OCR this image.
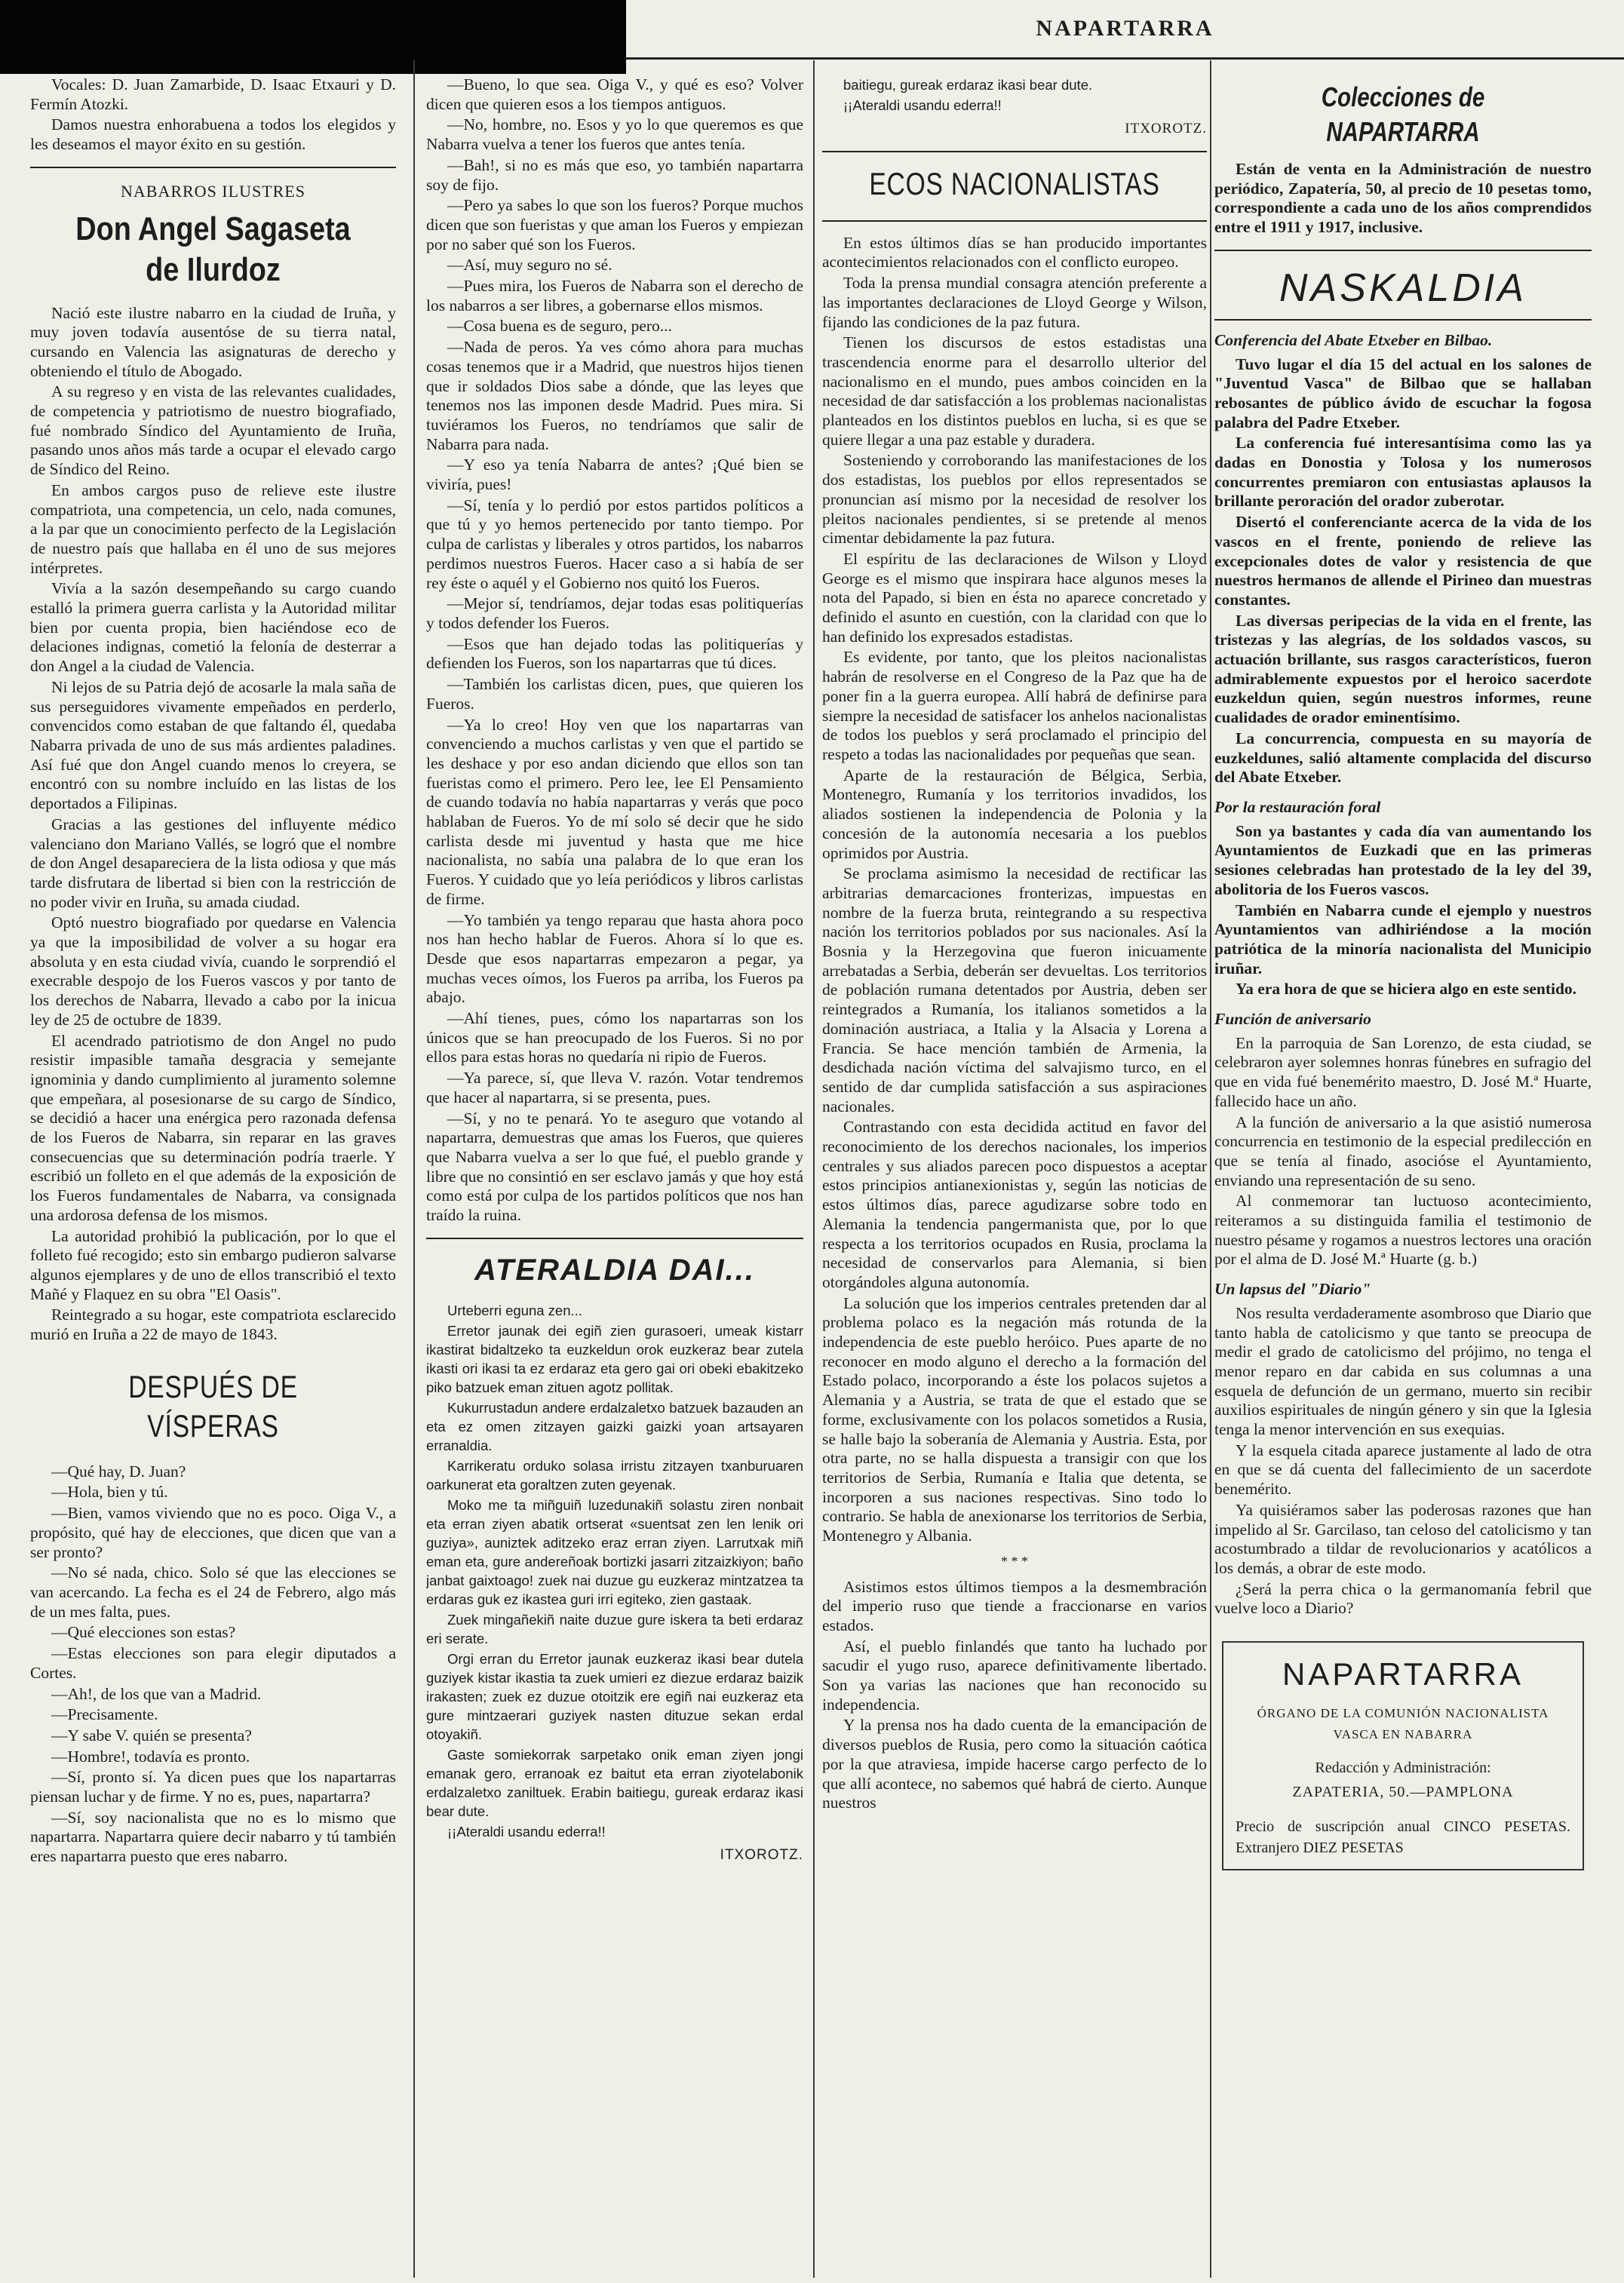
NAPARTARRA

Vocales: D. Juan Zamarbide, D. Isaac Etxauri y D. Fermín Atozki.

Damos nuestra enhorabuena a todos los elegidos y les deseamos el mayor éxito en su gestión.

NABARROS ILUSTRES
Don Angel Sagaseta de Ilurdoz

Nació este ilustre nabarro en la ciudad de Iruña, y muy joven todavía ausentóse de su tierra natal, cursando en Valencia las asignaturas de derecho y obteniendo el título de Abogado.

A su regreso y en vista de las relevantes cualidades, de competencia y patriotismo de nuestro biografiado, fué nombrado Síndico del Ayuntamiento de Iruña, pasando unos años más tarde a ocupar el elevado cargo de Síndico del Reino.

En ambos cargos puso de relieve este ilustre compatriota, una competencia, un celo, nada comunes, a la par que un conocimiento perfecto de la Legislación de nuestro país que hallaba en él uno de sus mejores intérpretes.

Vivía a la sazón desempeñando su cargo cuando estalló la primera guerra carlista y la Autoridad militar bien por cuenta propia, bien haciéndose eco de delaciones indignas, cometió la felonía de desterrar a don Angel a la ciudad de Valencia.

Ni lejos de su Patria dejó de acosarle la mala saña de sus perseguidores vivamente empeñados en perderlo, convencidos como estaban de que faltando él, quedaba Nabarra privada de uno de sus más ardientes paladines. Así fué que don Angel cuando menos lo creyera, se encontró con su nombre incluído en las listas de los deportados a Filipinas.

Gracias a las gestiones del influyente médico valenciano don Mariano Vallés, se logró que el nombre de don Angel desapareciera de la lista odiosa y que más tarde disfrutara de libertad si bien con la restricción de no poder vivir en Iruña, su amada ciudad.

Optó nuestro biografiado por quedarse en Valencia ya que la imposibilidad de volver a su hogar era absoluta y en esta ciudad vivía, cuando le sorprendió el execrable despojo de los Fueros vascos y por tanto de los derechos de Nabarra, llevado a cabo por la inicua ley de 25 de octubre de 1839.

El acendrado patriotismo de don Angel no pudo resistir impasible tamaña desgracia y semejante ignominia y dando cumplimiento al juramento solemne que empeñara, al posesionarse de su cargo de Síndico, se decidió a hacer una enérgica pero razonada defensa de los Fueros de Nabarra, sin reparar en las graves consecuencias que su determinación podría traerle. Y escribió un folleto en el que además de la exposición de los Fueros fundamentales de Nabarra, va consignada una ardorosa defensa de los mismos.

La autoridad prohibió la publicación, por lo que el folleto fué recogido; esto sin embargo pudieron salvarse algunos ejemplares y de uno de ellos transcribió el texto Mañé y Flaquez en su obra "El Oasis".

Reintegrado a su hogar, este compatriota esclarecido murió en Iruña a 22 de mayo de 1843.

DESPUÉS DE VÍSPERAS

—Qué hay, D. Juan?

—Hola, bien y tú.

—Bien, vamos viviendo que no es poco. Oiga V., a propósito, qué hay de elecciones, que dicen que van a ser pronto?

—No sé nada, chico. Solo sé que las elecciones se van acercando. La fecha es el 24 de Febrero, algo más de un mes falta, pues.

—Qué elecciones son estas?

—Estas elecciones son para elegir diputados a Cortes.

—Ah!, de los que van a Madrid.

—Precisamente.

—Y sabe V. quién se presenta?

—Hombre!, todavía es pronto.

—Sí, pronto sí. Ya dicen pues que los napartarras piensan luchar y de firme. Y no es, pues, napartarra?

—Sí, soy nacionalista que no es lo mismo que napartarra. Napartarra quiere decir nabarro y tú también eres napartarra puesto que eres nabarro.

—Bueno, lo que sea. Oiga V., y qué es eso? Volver dicen que quieren esos a los tiempos antiguos.

—No, hombre, no. Esos y yo lo que queremos es que Nabarra vuelva a tener los fueros que antes tenía.

—Bah!, si no es más que eso, yo también napartarra soy de fijo.

—Pero ya sabes lo que son los fueros? Porque muchos dicen que son fueristas y que aman los Fueros y empiezan por no saber qué son los Fueros.

—Así, muy seguro no sé.

—Pues mira, los Fueros de Nabarra son el derecho de los nabarros a ser libres, a gobernarse ellos mismos.

—Cosa buena es de seguro, pero...

—Nada de peros. Ya ves cómo ahora para muchas cosas tenemos que ir a Madrid, que nuestros hijos tienen que ir soldados Dios sabe a dónde, que las leyes que tenemos nos las imponen desde Madrid. Pues mira. Si tuviéramos los Fueros, no tendríamos que salir de Nabarra para nada.

—Y eso ya tenía Nabarra de antes? ¡Qué bien se viviría, pues!

—Sí, tenía y lo perdió por estos partidos políticos a que tú y yo hemos pertenecido por tanto tiempo. Por culpa de carlistas y liberales y otros partidos, los nabarros perdimos nuestros Fueros. Hacer caso a si había de ser rey éste o aquél y el Gobierno nos quitó los Fueros.

—Mejor sí, tendríamos, dejar todas esas politiquerías y todos defender los Fueros.

—Esos que han dejado todas las politiquerías y defienden los Fueros, son los napartarras que tú dices.

—También los carlistas dicen, pues, que quieren los Fueros.

—Ya lo creo! Hoy ven que los napartarras van convenciendo a muchos carlistas y ven que el partido se les deshace y por eso andan diciendo que ellos son tan fueristas como el primero. Pero lee, lee El Pensamiento de cuando todavía no había napartarras y verás que poco hablaban de Fueros. Yo de mí solo sé decir que he sido carlista desde mi juventud y hasta que me hice nacionalista, no sabía una palabra de lo que eran los Fueros. Y cuidado que yo leía periódicos y libros carlistas de firme.

—Yo también ya tengo reparau que hasta ahora poco nos han hecho hablar de Fueros. Ahora sí lo que es. Desde que esos napartarras empezaron a pegar, ya muchas veces oímos, los Fueros pa arriba, los Fueros pa abajo.

—Ahí tienes, pues, cómo los napartarras son los únicos que se han preocupado de los Fueros. Si no por ellos para estas horas no quedaría ni ripio de Fueros.

—Ya parece, sí, que lleva V. razón. Votar tendremos que hacer al napartarra, si se presenta, pues.

—Sí, y no te penará. Yo te aseguro que votando al napartarra, demuestras que amas los Fueros, que quieres que Nabarra vuelva a ser lo que fué, el pueblo grande y libre que no consintió en ser esclavo jamás y que hoy está como está por culpa de los partidos políticos que nos han traído la ruina.

ATERALDIA DAI...

Urteberri eguna zen...

Erretor jaunak dei egiñ zien gurasoeri, umeak kistarr ikastirat bidaltzeko ta euzkeldun orok euzkeraz bear zutela ikasti ori ikasi ta ez erdaraz eta gero gai ori obeki ebakitzeko piko batzuek eman zituen agotz pollitak.

Kukurrustadun andere erdalzaletxo batzuek bazauden an eta ez omen zitzayen gaizki gaizki yoan artsayaren erranaldia.

Karrikeratu orduko solasa irristu zitzayen txanburuaren oarkunerat eta goraltzen zuten geyenak.

Moko me ta miñguiñ luzedunakiñ solastu ziren nonbait eta erran ziyen abatik ortserat «suentsat zen len lenik ori guziya», auniztek aditzeko eraz erran ziyen. Larrutxak miñ eman eta, gure andereñoak bortizki jasarri zitzaizkiyon; baño janbat gaixtoago! zuek nai duzue gu euzkeraz mintzatzea ta erdaras guk ez ikastea guri irri egiteko, zien gastaak.

Zuek mingañekiñ naite duzue gure iskera ta beti erdaraz eri serate.

Orgi erran du Erretor jaunak euzkeraz ikasi bear dutela guziyek kistar ikastia ta zuek umieri ez diezue erdaraz baizik irakasten; zuek ez duzue otoitzik ere egiñ nai euzkeraz eta gure mintzaerari guziyek nasten dituzue sekan erdal otoyakiñ.

Gaste somiekorrak sarpetako onik eman ziyen jongi emanak gero, erranoak ez baitut eta erran ziyotelabonik erdalzaletxo zaniltuek. Erabin baitiegu, gureak erdaraz ikasi bear dute.

¡¡Ateraldi usandu ederra!!

ITXOROTZ.

baitiegu, gureak erdaraz ikasi bear dute.

¡¡Ateraldi usandu ederra!!

ITXOROTZ.
ECOS NACIONALISTAS

En estos últimos días se han producido importantes acontecimientos relacionados con el conflicto europeo.

Toda la prensa mundial consagra atención preferente a las importantes declaraciones de Lloyd George y Wilson, fijando las condiciones de la paz futura.

Tienen los discursos de estos estadistas una trascendencia enorme para el desarrollo ulterior del nacionalismo en el mundo, pues ambos coinciden en la necesidad de dar satisfacción a los problemas nacionalistas planteados en los distintos pueblos en lucha, si es que se quiere llegar a una paz estable y duradera.

Sosteniendo y corroborando las manifestaciones de los dos estadistas, los pueblos por ellos representados se pronuncian así mismo por la necesidad de resolver los pleitos nacionales pendientes, si se pretende al menos cimentar debidamente la paz futura.

El espíritu de las declaraciones de Wilson y Lloyd George es el mismo que inspirara hace algunos meses la nota del Papado, si bien en ésta no aparece concretado y definido el asunto en cuestión, con la claridad con que lo han definido los expresados estadistas.

Es evidente, por tanto, que los pleitos nacionalistas habrán de resolverse en el Congreso de la Paz que ha de poner fin a la guerra europea. Allí habrá de definirse para siempre la necesidad de satisfacer los anhelos nacionalistas de todos los pueblos y será proclamado el principio del respeto a todas las nacionalidades por pequeñas que sean.

Aparte de la restauración de Bélgica, Serbia, Montenegro, Rumanía y los territorios invadidos, los aliados sostienen la independencia de Polonia y la concesión de la autonomía necesaria a los pueblos oprimidos por Austria.

Se proclama asimismo la necesidad de rectificar las arbitrarias demarcaciones fronterizas, impuestas en nombre de la fuerza bruta, reintegrando a su respectiva nación los territorios poblados por sus nacionales. Así la Bosnia y la Herzegovina que fueron inicuamente arrebatadas a Serbia, deberán ser devueltas. Los territorios de población rumana detentados por Austria, deben ser reintegrados a Rumanía, los italianos sometidos a la dominación austriaca, a Italia y la Alsacia y Lorena a Francia. Se hace mención también de Armenia, la desdichada nación víctima del salvajismo turco, en el sentido de dar cumplida satisfacción a sus aspiraciones nacionales.

Contrastando con esta decidida actitud en favor del reconocimiento de los derechos nacionales, los imperios centrales y sus aliados parecen poco dispuestos a aceptar estos principios antianexionistas y, según las noticias de estos últimos días, parece agudizarse sobre todo en Alemania la tendencia pangermanista que, por lo que respecta a los territorios ocupados en Rusia, proclama la necesidad de conservarlos para Alemania, si bien otorgándoles alguna autonomía.

La solución que los imperios centrales pretenden dar al problema polaco es la negación más rotunda de la independencia de este pueblo heróico. Pues aparte de no reconocer en modo alguno el derecho a la formación del Estado polaco, incorporando a éste los polacos sujetos a Alemania y a Austria, se trata de que el estado que se forme, exclusivamente con los polacos sometidos a Rusia, se halle bajo la soberanía de Alemania y Austria. Esta, por otra parte, no se halla dispuesta a transigir con que los territorios de Serbia, Rumanía e Italia que detenta, se incorporen a sus naciones respectivas. Sino todo lo contrario. Se habla de anexionarse los territorios de Serbia, Montenegro y Albania.

* * *

Asistimos estos últimos tiempos a la desmembración del imperio ruso que tiende a fraccionarse en varios estados.

Así, el pueblo finlandés que tanto ha luchado por sacudir el yugo ruso, aparece definitivamente libertado. Son ya varias las naciones que han reconocido su independencia.

Y la prensa nos ha dado cuenta de la emancipación de diversos pueblos de Rusia, pero como la situación caótica por la que atraviesa, impide hacerse cargo perfecto de lo que allí acontece, no sabemos qué habrá de cierto. Aunque nuestros

Colecciones de NAPARTARRA

Están de venta en la Administración de nuestro periódico, Zapatería, 50, al precio de 10 pesetas tomo, correspondiente a cada uno de los años comprendidos entre el 1911 y 1917, inclusive.

NASKALDIA

Conferencia del Abate Etxeber en Bilbao.

Tuvo lugar el día 15 del actual en los salones de "Juventud Vasca" de Bilbao que se hallaban rebosantes de público ávido de escuchar la fogosa palabra del Padre Etxeber.

La conferencia fué interesantísima como las ya dadas en Donostia y Tolosa y los numerosos concurrentes premiaron con entusiastas aplausos la brillante peroración del orador zuberotar.

Disertó el conferenciante acerca de la vida de los vascos en el frente, poniendo de relieve las excepcionales dotes de valor y resistencia de que nuestros hermanos de allende el Pirineo dan muestras constantes.

Las diversas peripecias de la vida en el frente, las tristezas y las alegrías, de los soldados vascos, su actuación brillante, sus rasgos característicos, fueron admirablemente expuestos por el heroico sacerdote euzkeldun quien, según nuestros informes, reune cualidades de orador eminentísimo.

La concurrencia, compuesta en su mayoría de euzkeldunes, salió altamente complacida del discurso del Abate Etxeber.

Por la restauración foral

Son ya bastantes y cada día van aumentando los Ayuntamientos de Euzkadi que en las primeras sesiones celebradas han protestado de la ley del 39, abolitoria de los Fueros vascos.

También en Nabarra cunde el ejemplo y nuestros Ayuntamientos van adhiriéndose a la moción patriótica de la minoría nacionalista del Municipio iruñar.

Ya era hora de que se hiciera algo en este sentido.

Función de aniversario

En la parroquia de San Lorenzo, de esta ciudad, se celebraron ayer solemnes honras fúnebres en sufragio del que en vida fué benemérito maestro, D. José M.ª Huarte, fallecido hace un año.

A la función de aniversario a la que asistió numerosa concurrencia en testimonio de la especial predilección en que se tenía al finado, asocióse el Ayuntamiento, enviando una representación de su seno.

Al conmemorar tan luctuoso acontecimiento, reiteramos a su distinguida familia el testimonio de nuestro pésame y rogamos a nuestros lectores una oración por el alma de D. José M.ª Huarte (g. b.)

Un lapsus del "Diario"

Nos resulta verdaderamente asombroso que Diario que tanto habla de catolicismo y que tanto se preocupa de medir el grado de catolicismo del prójimo, no tenga el menor reparo en dar cabida en sus columnas a una esquela de defunción de un germano, muerto sin recibir auxilios espirituales de ningún género y sin que la Iglesia tenga la menor intervención en sus exequias.

Y la esquela citada aparece justamente al lado de otra en que se dá cuenta del fallecimiento de un sacerdote benemérito.

Ya quisiéramos saber las poderosas razones que han impelido al Sr. Garcilaso, tan celoso del catolicismo y tan acostumbrado a tildar de revolucionarios y acatólicos a los demás, a obrar de este modo.

¿Será la perra chica o la germanomanía febril que vuelve loco a Diario?

NAPARTARRA
ÓRGANO DE LA COMUNIÓN NACIONALISTA VASCA EN NABARRA
Redacción y Administración:
ZAPATERIA, 50.—PAMPLONA
Precio de suscripción anual CINCO PESETAS. Extranjero DIEZ PESETAS
